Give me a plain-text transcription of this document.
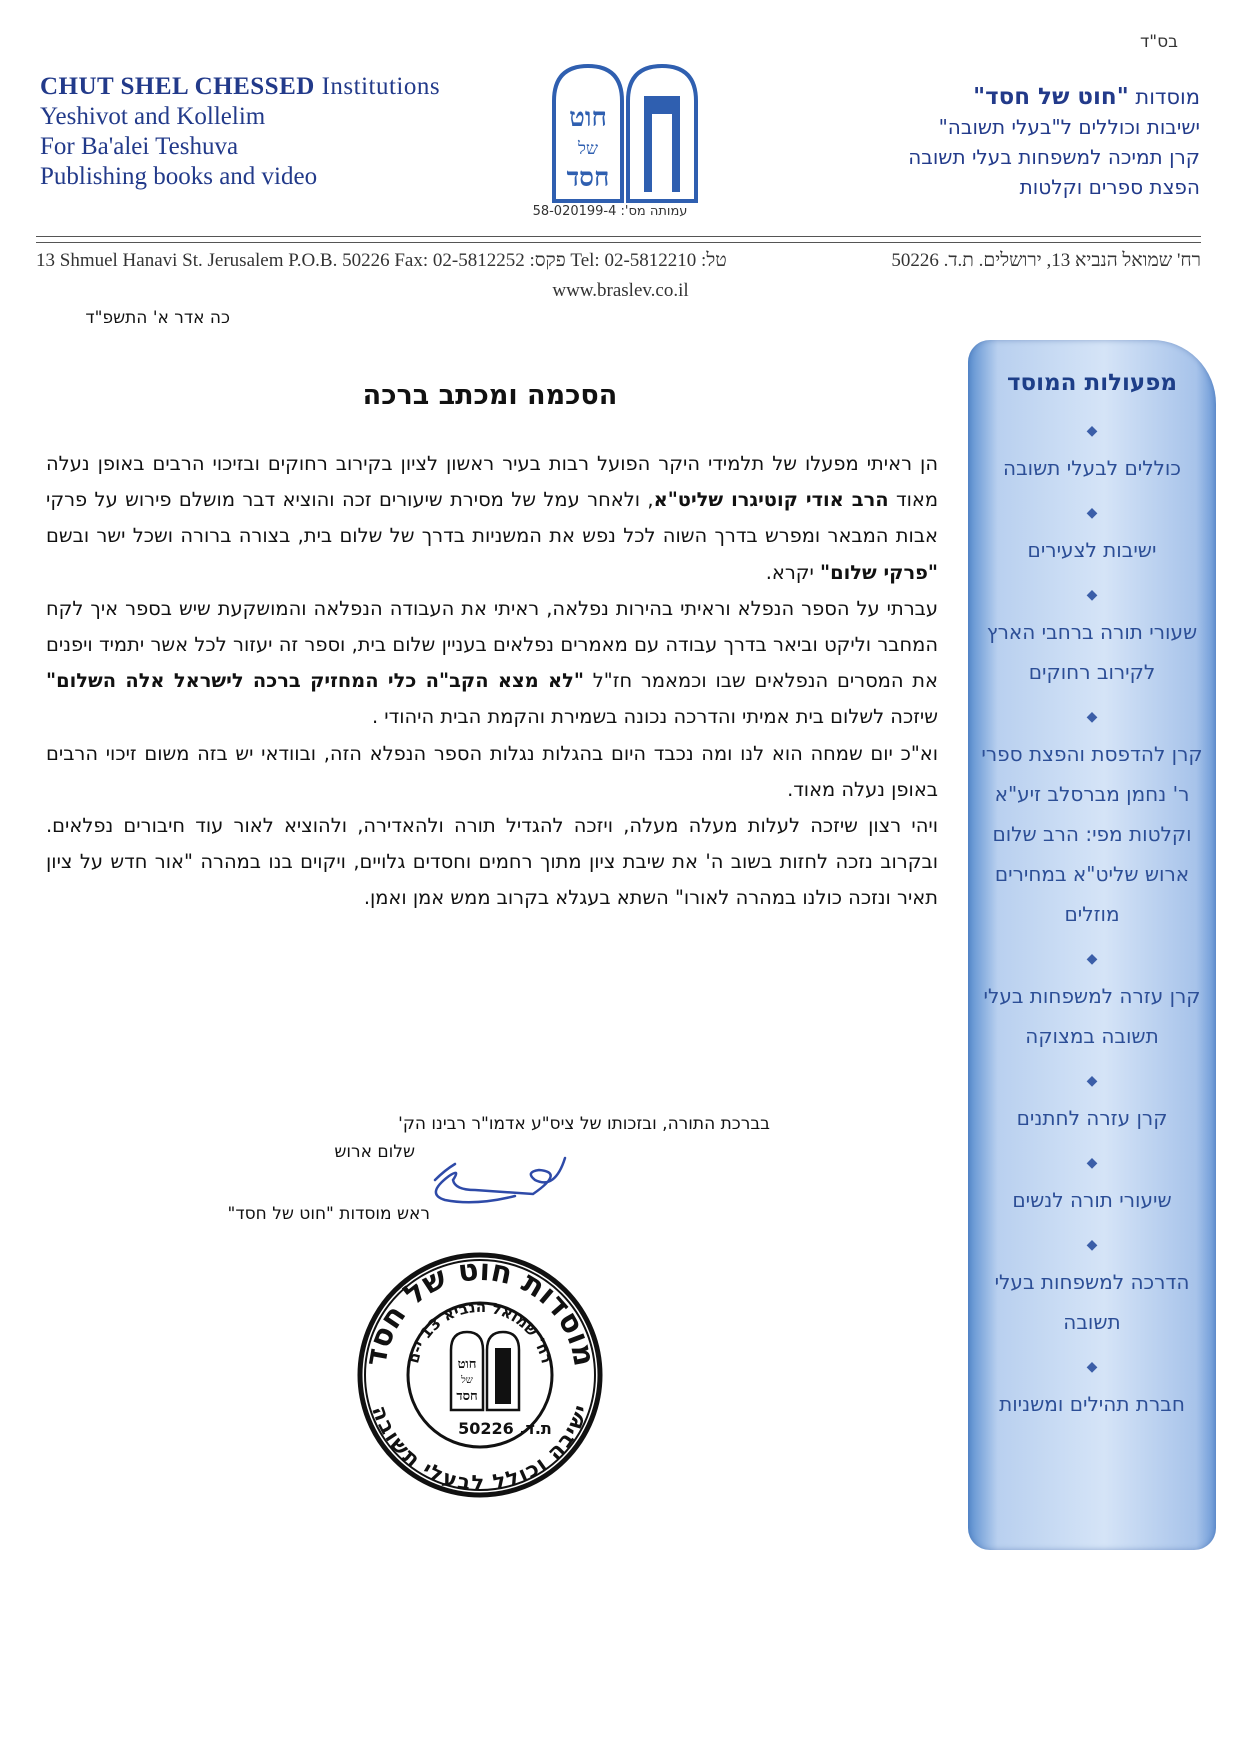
בס"ד
CHUT SHEL CHESSED Institutions
Yeshivot and Kollelim
For Ba'alei Teshuva
Publishing books and video
חוט
של
חסד
עמותה מס': 58-020199-4
מוסדות "חוט של חסד"
ישיבות וכוללים ל"בעלי תשובה"
קרן תמיכה למשפחות בעלי תשובה
הפצת ספרים וקלטות
13 Shmuel Hanavi St. Jerusalem P.O.B. 50226 Fax: 02-5812252 :פקס Tel: 02-5812210 :טל	רח' שמואל הנביא 13, ירושלים. ת.ד. 50226
www.braslev.co.il
כה אדר א' התשפ"ד
הסכמה ומכתב ברכה

הן ראיתי מפעלו של תלמידי היקר הפועל רבות בעיר ראשון לציון בקירוב רחוקים ובזיכוי הרבים באופן נעלה מאוד הרב אודי קוטיגרו שליט"א, ולאחר עמל של מסירת שיעורים זכה והוציא דבר מושלם פירוש על פרקי אבות המבאר ומפרש בדרך השוה לכל נפש את המשניות בדרך של שלום בית, בצורה ברורה ושכל ישר ובשם "פרקי שלום" יקרא.

עברתי על הספר הנפלא וראיתי בהירות נפלאה, ראיתי את העבודה הנפלאה והמושקעת שיש בספר איך לקח המחבר וליקט וביאר בדרך עבודה עם מאמרים נפלאים בעניין שלום בית, וספר זה יעזור לכל אשר יתמיד ויפנים את המסרים הנפלאים שבו וכמאמר חז"ל "לא מצא הקב"ה כלי המחזיק ברכה לישראל אלה השלום" שיזכה לשלום בית אמיתי והדרכה נכונה בשמירת והקמת הבית היהודי .

וא"כ יום שמחה הוא לנו ומה נכבד היום בהגלות נגלות הספר הנפלא הזה, ובוודאי יש בזה משום זיכוי הרבים באופן נעלה מאוד.

ויהי רצון שיזכה לעלות מעלה מעלה, ויזכה להגדיל תורה ולהאדירה, ולהוציא לאור עוד חיבורים נפלאים. ובקרוב נזכה לחזות בשוב ה' את שיבת ציון מתוך רחמים וחסדים גלויים, ויקוים בנו במהרה "אור חדש על ציון תאיר ונזכה כולנו במהרה לאורו" השתא בעגלא בקרוב ממש אמן ואמן.

בברכת התורה, ובזכותו של ציס"ע אדמו"ר רבינו הק'
שלום ארוש
ראש מוסדות "חוט של חסד"
מוסדות חוט של חסד
רח' שמואל הנביא 13 י-ם
ישיבה וכולל לבעלי תשובה
חוט
של
חסד
ת.ד. 50226
מפעולות המוסד
◆
כוללים לבעלי תשובה
◆
ישיבות לצעירים
◆
שעורי תורה ברחבי הארץ לקירוב רחוקים
◆
קרן להדפסת והפצת ספרי ר' נחמן מברסלב זיע"א וקלטות מפי: הרב שלום ארוש שליט"א במחירים מוזלים
◆
קרן עזרה למשפחות בעלי תשובה במצוקה
◆
קרן עזרה לחתנים
◆
שיעורי תורה לנשים
◆
הדרכה למשפחות בעלי תשובה
◆
חברת תהילים ומשניות
